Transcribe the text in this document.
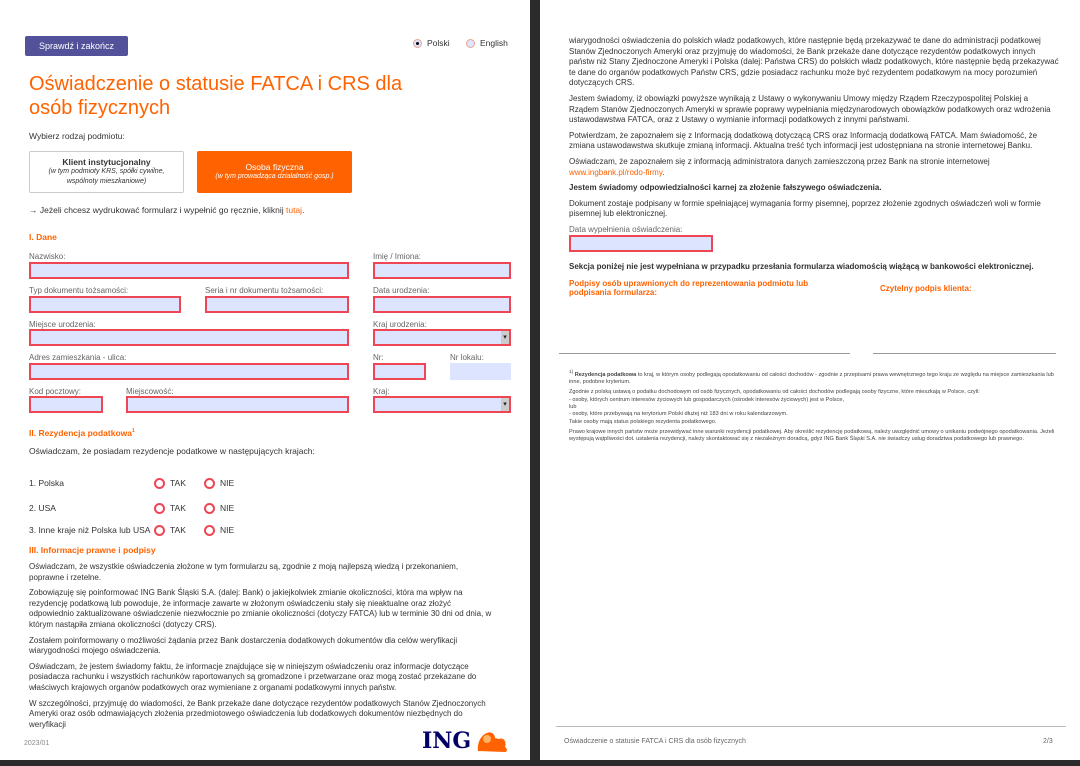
Sprawdź i zakończ	Polski	English
Oświadczenie o statusie FATCA i CRS dla osób fizycznych
Wybierz rodzaj podmiotu:
Klient instytucjonalny
(w tym podmioty KRS, spółki cywilne, wspólnoty mieszkaniowe)
Osoba fizyczna
(w tym prowadząca działalność gosp.)
→ Jeżeli chcesz wydrukować formularz i wypełnić go ręcznie, kliknij tutaj.
I. Dane
Nazwisko:	Imię / Imiona:
Typ dokumentu tożsamości:	Seria i nr dokumentu tożsamości:	Data urodzenia:
Miejsce urodzenia:	Kraj urodzenia:
▾
Adres zamieszkania - ulica:	Nr:	Nr lokalu:
Kod pocztowy:	Miejscowość:	Kraj:
▾
II. Rezydencja podatkowa$^1$
Oświadczam, że posiadam rezydencje podatkowe w następujących krajach:
1. Polska	TAK	NIE
2. USA	TAK	NIE
3. Inne kraje niż Polska lub USA	TAK	NIE
III. Informacje prawne i podpisy

Oświadczam, że wszystkie oświadczenia złożone w tym formularzu są, zgodnie z moją najlepszą wiedzą i przekonaniem, poprawne i rzetelne.

Zobowiązuję się poinformować ING Bank Śląski S.A. (dalej: Bank) o jakiejkolwiek zmianie okoliczności, która ma wpływ na rezydencję podatkową lub powoduje, że informacje zawarte w złożonym oświadczeniu stały się nieaktualne oraz złożyć odpowiednio zaktualizowane oświadczenie niezwłocznie po zmianie okoliczności (dotyczy FATCA) lub w terminie 30 dni od dnia, w którym nastąpiła zmiana okoliczności (dotyczy CRS).

Zostałem poinformowany o możliwości żądania przez Bank dostarczenia dodatkowych dokumentów dla celów weryfikacji wiarygodności mojego oświadczenia.

Oświadczam, że jestem świadomy faktu, że informacje znajdujące się w niniejszym oświadczeniu oraz informacje dotyczące posiadacza rachunku i wszystkich rachunków raportowanych są gromadzone i przetwarzane oraz mogą zostać przekazane do właściwych krajowych organów podatkowych oraz wymieniane z organami podatkowymi innych państw.

W szczególności, przyjmuję do wiadomości, że Bank przekaże dane dotyczące rezydentów podatkowych Stanów Zjednoczonych Ameryki oraz osób odmawiających złożenia przedmiotowego oświadczenia lub dodatkowych dokumentów niezbędnych do weryfikacji

2023/01	ING

wiarygodności oświadczenia do polskich władz podatkowych, które następnie będą przekazywać te dane do administracji podatkowej Stanów Zjednoczonych Ameryki oraz przyjmuję do wiadomości, że Bank przekaże dane dotyczące rezydentów podatkowych innych państw niż Stany Zjednoczone Ameryki i Polska (dalej: Państwa CRS) do polskich władz podatkowych, które następnie będą przekazywać te dane do organów podatkowych Państw CRS, gdzie posiadacz rachunku może być rezydentem podatkowym na mocy porozumień dotyczących CRS.

Jestem świadomy, iż obowiązki powyższe wynikają z Ustawy o wykonywaniu Umowy między Rządem Rzeczypospolitej Polskiej a Rządem Stanów Zjednoczonych Ameryki w sprawie poprawy wypełniania międzynarodowych obowiązków podatkowych oraz wdrożenia ustawodawstwa FATCA, oraz z Ustawy o wymianie informacji podatkowych z innymi państwami.

Potwierdzam, że zapoznałem się z Informacją dodatkową dotyczącą CRS oraz Informacją dodatkową FATCA. Mam świadomość, że zmiana ustawodawstwa skutkuje zmianą informacji. Aktualna treść tych informacji jest udostępniana na stronie internetowej Banku.

Oświadczam, że zapoznałem się z informacją administratora danych zamieszczoną przez Bank na stronie internetowej www.ingbank.pl/rodo-firmy.

Jestem świadomy odpowiedzialności karnej za złożenie fałszywego oświadczenia.

Dokument zostaje podpisany w formie spełniającej wymagania formy pisemnej, poprzez złożenie zgodnych oświadczeń woli w formie pisemnej lub elektronicznej.

Data wypełnienia oświadczenia:
Sekcja poniżej nie jest wypełniana w przypadku przesłania formularza wiadomością wiążącą w bankowości elektronicznej.
Podpisy osób uprawnionych do reprezentowania podmiotu lub podpisania formularza:	Czytelny podpis klienta:

$^{1)}$ Rezydencja podatkowa to kraj, w którym osoby podlegają opodatkowaniu od całości dochodów - zgodnie z przepisami prawa wewnętrznego tego kraju ze względu na miejsce zamieszkania lub inne, podobne kryterium.

Zgodnie z polską ustawą o podatku dochodowym od osób fizycznych, opodatkowaniu od całości dochodów podlegają osoby fizyczne, które mieszkają w Polsce, czyli:
- osoby, których centrum interesów życiowych lub gospodarczych (ośrodek interesów życiowych) jest w Polsce,
lub
- osoby, które przebywają na terytorium Polski dłużej niż 183 dni w roku kalendarzowym.
Takie osoby mają status polskiego rezydenta podatkowego.

Prawo krajowe innych państw może przewidywać inne warunki rezydencji podatkowej. Aby określić rezydencję podatkową, należy uwzględnić umowy o unikaniu podwójnego opodatkowania. Jeżeli występują wątpliwości dot. ustalenia rezydencji, należy skontaktować się z niezależnym doradcą, gdyż ING Bank Śląski S.A. nie świadczy usług doradztwa podatkowego lub prawnego.

Oświadczenie o statusie FATCA i CRS dla osób fizycznych	2/3
